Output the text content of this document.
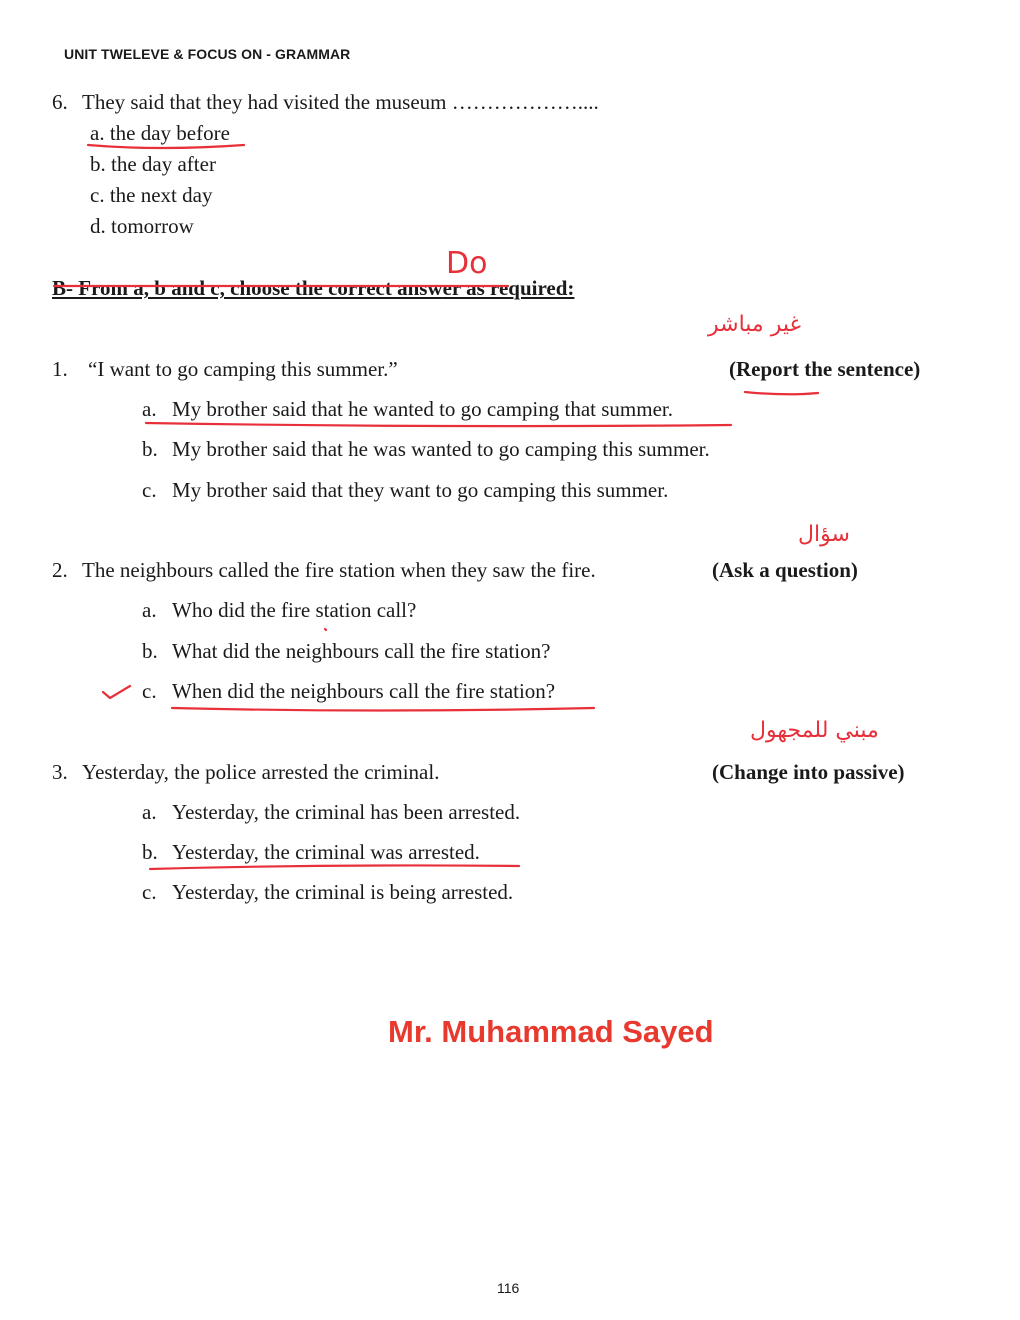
UNIT TWELEVE & FOCUS ON - GRAMMAR
6. They said that they had visited the museum ………………....
a. the day before
b. the day after
c. the next day
d. tomorrow
B- From a, b and c, choose the correct answer as required:
Do
1. “I want to go camping this summer.”	(Report the sentence)
غير مباشر
a. My brother said that he wanted to go camping that summer.
b. My brother said that he was wanted to go camping this summer.
c. My brother said that they want to go camping this summer.
2. The neighbours called the fire station when they saw the fire.	(Ask a question)
سؤال
a. Who did the fire station call?
b. What did the neighbours call the fire station?
c. When did the neighbours call the fire station?
3. Yesterday, the police arrested the criminal.	(Change into passive)
مبني للمجهول
a. Yesterday, the criminal has been arrested.
b. Yesterday, the criminal was arrested.
c. Yesterday, the criminal is being arrested.
Mr. Muhammad Sayed
116
